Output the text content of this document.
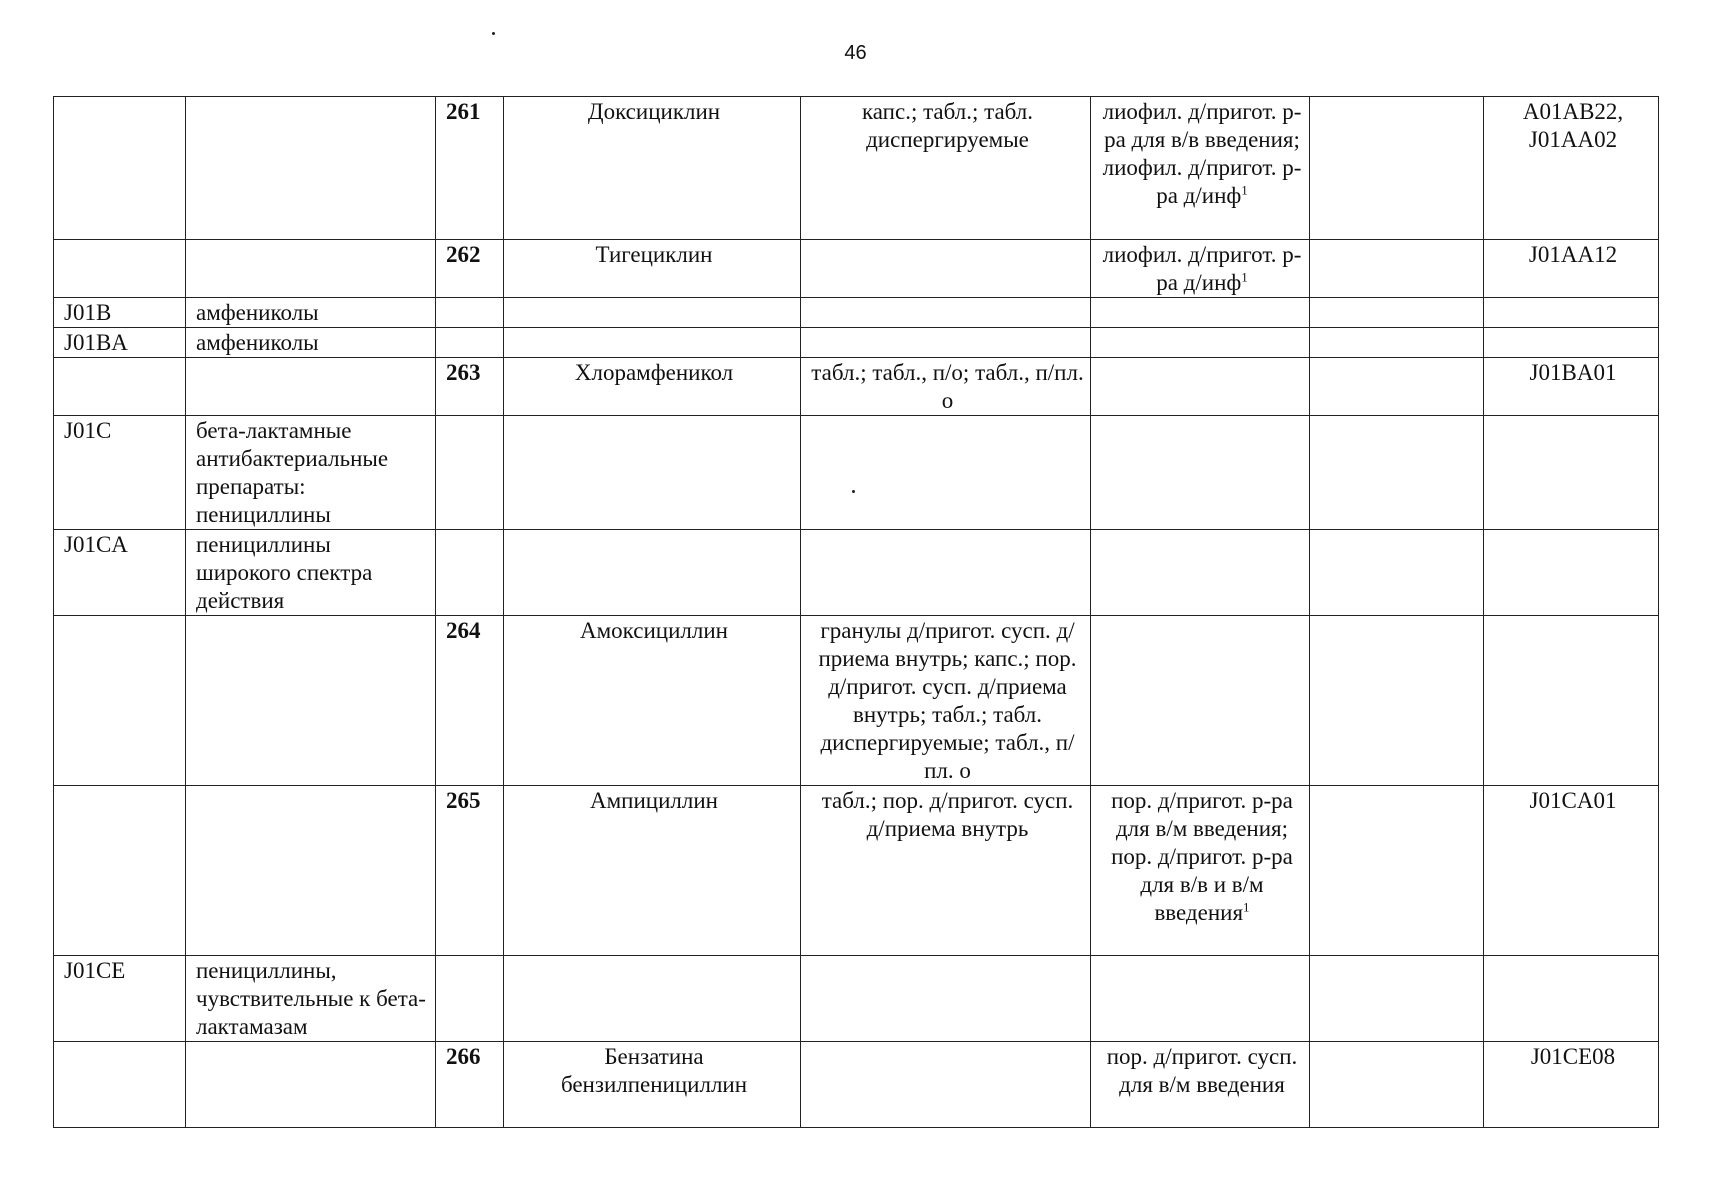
46
		261	Доксициклин	капс.; табл.; табл. диспергируемые	лиофил. д/пригот. р-ра для в/в введения; лиофил. д/пригот. р-ра д/инф$^1$		A01AB22, J01AA02
		262	Тигециклин		лиофил. д/пригот. р-ра д/инф$^1$		J01AA12
J01B	амфениколы						
J01BA	амфениколы						
		263	Хлорамфеникол	табл.; табл., п/о; табл., п/пл. о			J01BA01
J01C	бета-лактамные антибактериальные препараты: пенициллины						
J01CA	пенициллины широкого спектра действия						
		264	Амоксициллин	гранулы д/пригот. сусп. д/приема внутрь; капс.; пор. д/пригот. сусп. д/приема внутрь; табл.; табл. диспергируемые; табл., п/пл. о			
		265	Ампициллин	табл.; пор. д/пригот. сусп. д/приема внутрь	пор. д/пригот. р-ра для в/м введения; пор. д/пригот. р-ра для в/в и в/м введения$^1$		J01CA01
J01CE	пенициллины, чувствительные к бета-лактамазам						
		266	Бензатина бензилпенициллин		пор. д/пригот. сусп. для в/м введения		J01CE08
